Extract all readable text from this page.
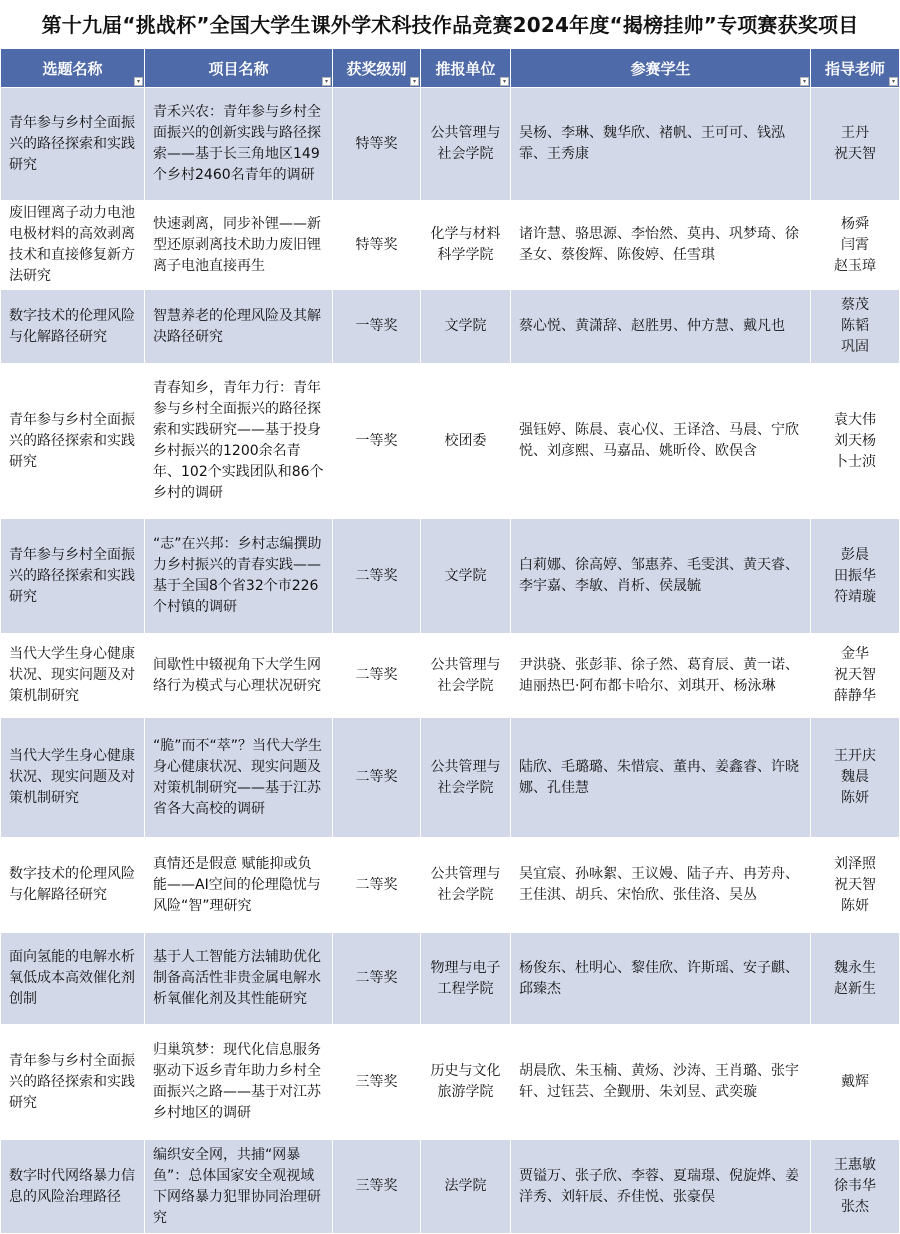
第十九届“挑战杯”全国大学生课外学术科技作品竞赛2024年度“揭榜挂帅”专项赛获奖项目
选题名称
▾	项目名称
▾	获奖级别
▾	推报单位
▾	参赛学生
▾	指导老师
▾

青年参与乡村全面振兴的路径探索和实践研究	青禾兴农：青年参与乡村全面振兴的创新实践与路径探索——基于长三角地区149个乡村2460名青年的调研	特等奖	公共管理与社会学院	吴杨、李琳、魏华欣、褚帆、王可可、钱泓霏、王秀康	王丹
祝天智

废旧锂离子动力电池电极材料的高效剥离技术和直接修复新方法研究	快速剥离，同步补锂——新型还原剥离技术助力废旧锂离子电池直接再生	特等奖	化学与材料科学学院	诸许慧、骆思源、李怡然、莫冉、巩梦琦、徐圣女、蔡俊辉、陈俊婷、任雪琪	杨舜
闫霄
赵玉璋

数字技术的伦理风险与化解路径研究	智慧养老的伦理风险及其解决路径研究	一等奖	文学院	蔡心悦、黄潇辞、赵胜男、仲方慧、戴凡也	蔡茂
陈韬
巩固

青年参与乡村全面振兴的路径探索和实践研究	青春知乡，青年力行：青年参与乡村全面振兴的路径探索和实践研究——基于投身乡村振兴的1200余名青年、102个实践团队和86个乡村的调研	一等奖	校团委	强钰婷、陈晨、袁心仪、王译浛、马晨、宁欣悦、刘彦熙、马嘉品、姚昕伶、欧俣含	袁大伟
刘天杨
卜士浈

青年参与乡村全面振兴的路径探索和实践研究	“志”在兴邦：乡村志编撰助力乡村振兴的青春实践——基于全国8个省32个市226个村镇的调研	二等奖	文学院	白莉娜、徐高婷、邹惠荞、毛雯淇、黄天睿、李宇嘉、李敏、肖析、侯晟毓	彭晨
田振华
符靖璇

当代大学生身心健康状况、现实问题及对策机制研究	间歇性中辍视角下大学生网络行为模式与心理状况研究	二等奖	公共管理与社会学院	尹洪骁、张彭菲、徐子然、葛育辰、黄一诺、迪丽热巴·阿布都卡哈尔、刘琪开、杨泳琳	金华
祝天智
薛静华

当代大学生身心健康状况、现实问题及对策机制研究	“脆”而不“萃”？当代大学生身心健康状况、现实问题及对策机制研究——基于江苏省各大高校的调研	二等奖	公共管理与社会学院	陆欣、毛璐璐、朱惜宸、董冉、姜鑫睿、许晓娜、孔佳慧	王开庆
魏晨
陈妍

数字技术的伦理风险与化解路径研究	真情还是假意 赋能抑或负能——AI空间的伦理隐忧与风险“智”理研究	二等奖	公共管理与社会学院	吴宜宸、孙咏絮、王议嫚、陆子卉、冉芳舟、王佳淇、胡兵、宋怡欣、张佳洛、吴丛	刘泽照
祝天智
陈妍

面向氢能的电解水析氧低成本高效催化剂创制	基于人工智能方法辅助优化制备高活性非贵金属电解水析氧催化剂及其性能研究	二等奖	物理与电子工程学院	杨俊东、杜明心、黎佳欣、许斯瑶、安子麒、邱臻杰	魏永生
赵新生

青年参与乡村全面振兴的路径探索和实践研究	归巢筑梦：现代化信息服务驱动下返乡青年助力乡村全面振兴之路——基于对江苏乡村地区的调研	三等奖	历史与文化旅游学院	胡晨欣、朱玉楠、黄炀、沙涛、王肖璐、张宇轩、过钰芸、全觐册、朱刘昱、武奕璇	戴辉

数字时代网络暴力信息的风险治理路径	编织安全网，共捕“网暴鱼”：总体国家安全观视域下网络暴力犯罪协同治理研究	三等奖	法学院	贾镒万、张子欣、李蓉、夏瑞璟、倪旋烨、姜洋秀、刘轩辰、乔佳悦、张豪俣	王惠敏
徐韦华
张杰
